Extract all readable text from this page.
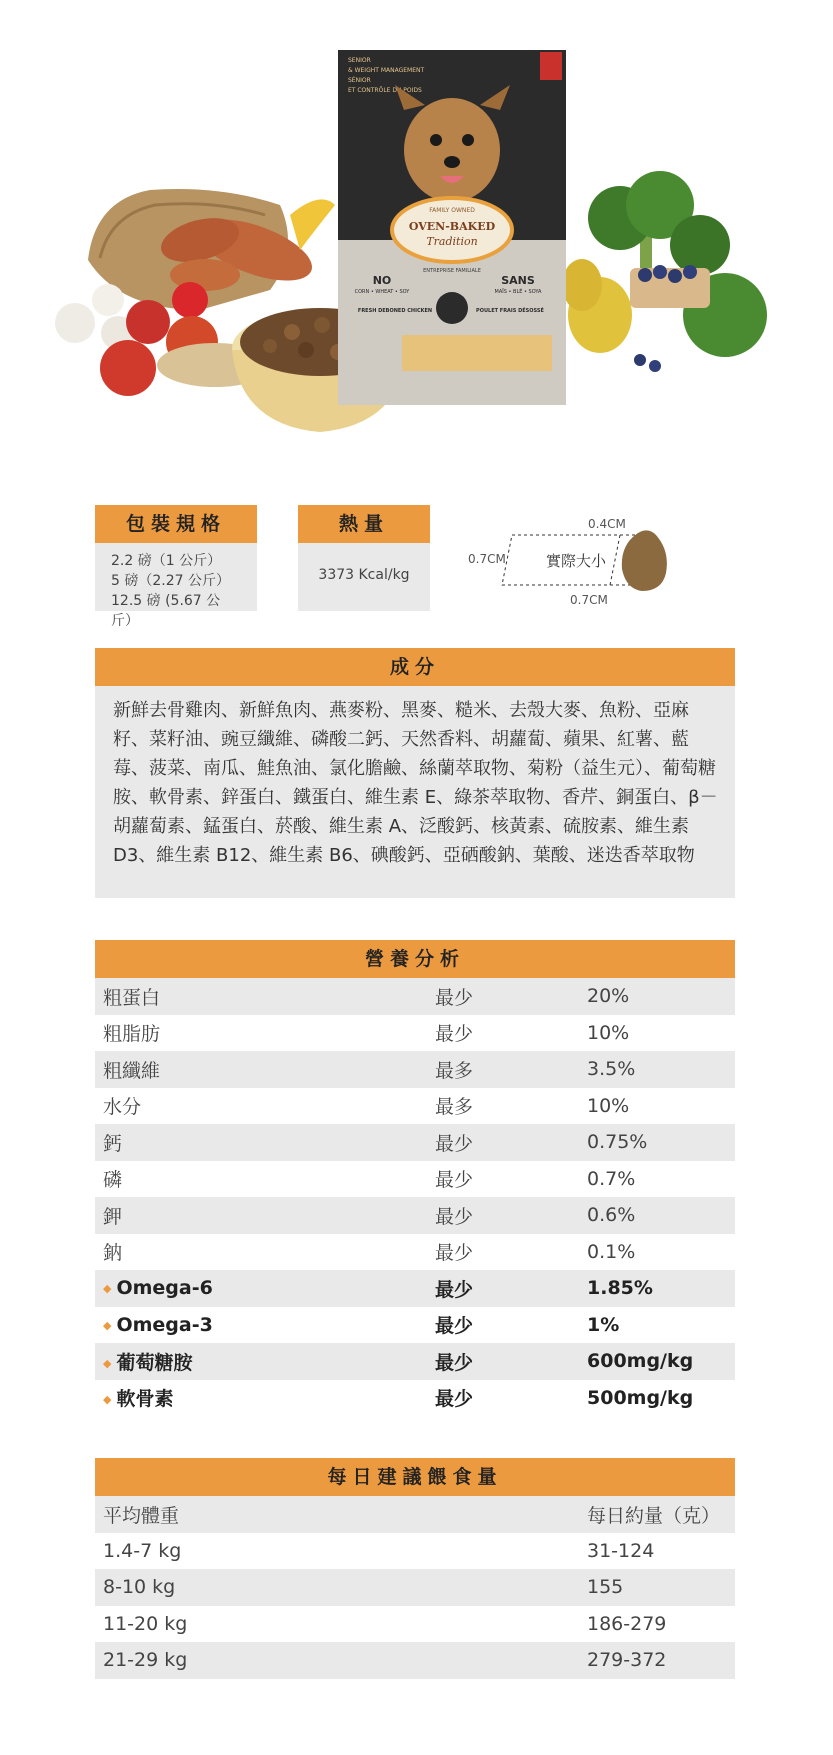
SENIOR
& WEIGHT MANAGEMENT
SÉNIOR
ET CONTRÔLE DU POIDS
FAMILY OWNED
OVEN-BAKED
Tradition
ENTREPRISE FAMILIALE
NO
CORN • WHEAT • SOY
SANS
MAÏS • BLÉ • SOYA
FRESH DEBONED CHICKEN	POULET FRAIS DÉSOSSÉ
包裝規格
2.2 磅（1 公斤）
5 磅（2.27 公斤）
12.5 磅 (5.67 公斤）
熱量
3373 Kcal/kg
0.4CM
0.7CM
0.7CM
實際大小
成分
新鮮去骨雞肉、新鮮魚肉、燕麥粉、黑麥、糙米、去殼大麥、魚粉、亞麻籽、菜籽油、豌豆纖維、磷酸二鈣、天然香料、胡蘿蔔、蘋果、紅薯、藍莓、菠菜、南瓜、鮭魚油、氯化膽鹼、絲蘭萃取物、菊粉（益生元）、葡萄糖胺、軟骨素、鋅蛋白、鐵蛋白、維生素 E、綠茶萃取物、香芹、銅蛋白、β－胡蘿蔔素、錳蛋白、菸酸、維生素 A、泛酸鈣、核黃素、硫胺素、維生素 D3、維生素 B12、維生素 B6、碘酸鈣、亞硒酸鈉、葉酸、迷迭香萃取物
營養分析
粗蛋白	最少	20%
粗脂肪	最少	10%
粗纖維	最多	3.5%
水分	最多	10%
鈣	最少	0.75%
磷	最少	0.7%
鉀	最少	0.6%
鈉	最少	0.1%
◆ Omega-6	最少	1.85%
◆ Omega-3	最少	1%
◆ 葡萄糖胺	最少	600mg/kg
◆ 軟骨素	最少	500mg/kg
每日建議餵食量
平均體重	每日約量（克）
1.4-7 kg	31-124
8-10 kg	155
11-20 kg	186-279
21-29 kg	279-372
